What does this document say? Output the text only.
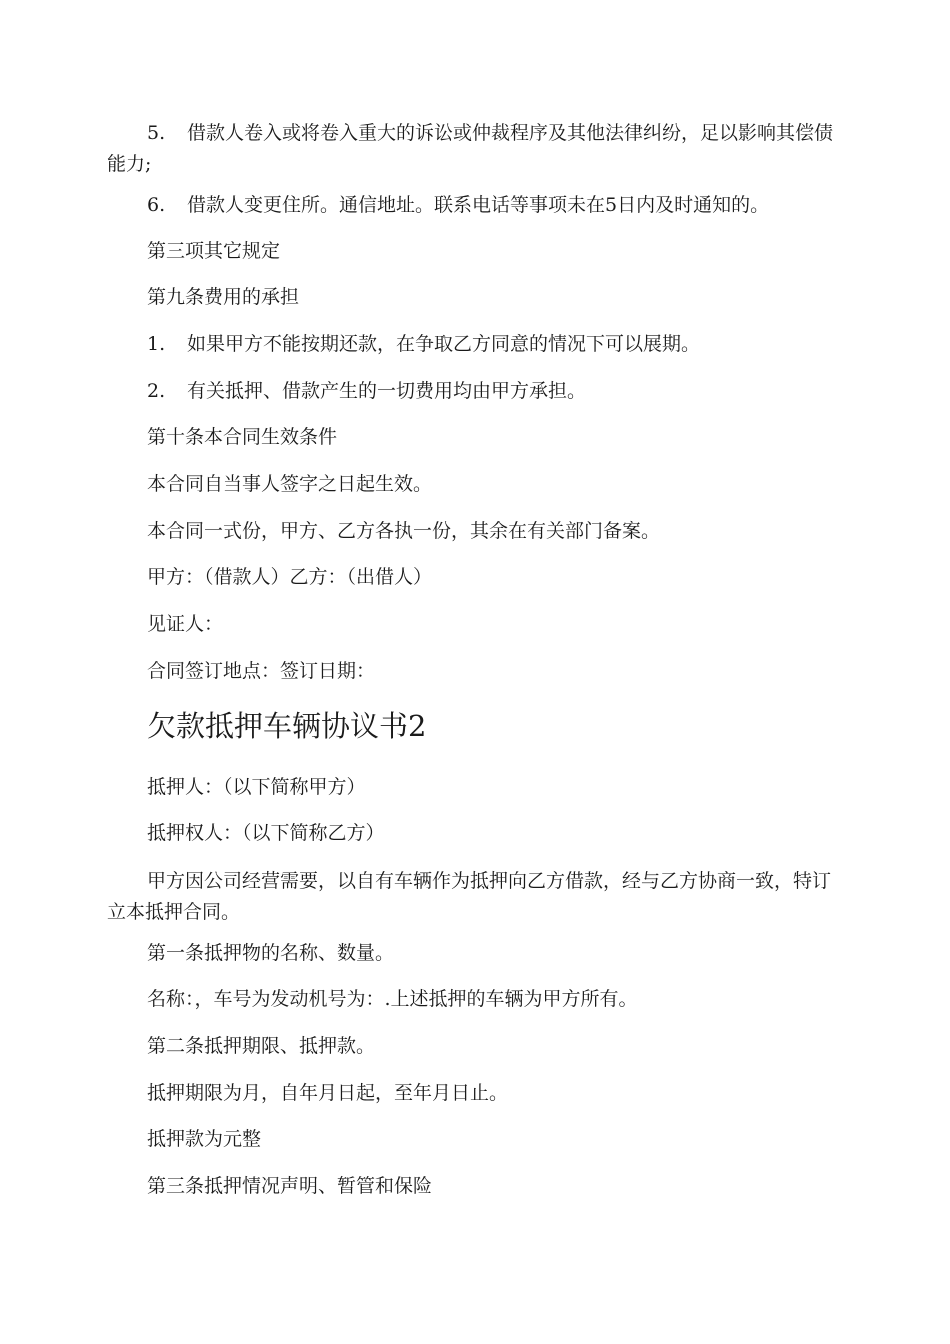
5. 借款人卷入或将卷入重大的诉讼或仲裁程序及其他法律纠纷，足以影响其偿债能力;

6. 借款人变更住所。通信地址。联系电话等事项未在5日内及时通知的。

第三项其它规定

第九条费用的承担

1. 如果甲方不能按期还款，在争取乙方同意的情况下可以展期。

2. 有关抵押、借款产生的一切费用均由甲方承担。

第十条本合同生效条件

本合同自当事人签字之日起生效。

本合同一式份，甲方、乙方各执一份，其余在有关部门备案。

甲方：（借款人）乙方：（出借人）

见证人：

合同签订地点：签订日期：

欠款抵押车辆协议书2

抵押人：（以下简称甲方）

抵押权人：（以下简称乙方）

甲方因公司经营需要，以自有车辆作为抵押向乙方借款，经与乙方协商一致，特订立本抵押合同。

第一条抵押物的名称、数量。

名称：，车号为发动机号为：.上述抵押的车辆为甲方所有。

第二条抵押期限、抵押款。

抵押期限为月，自年月日起，至年月日止。

抵押款为元整

第三条抵押情况声明、暂管和保险
